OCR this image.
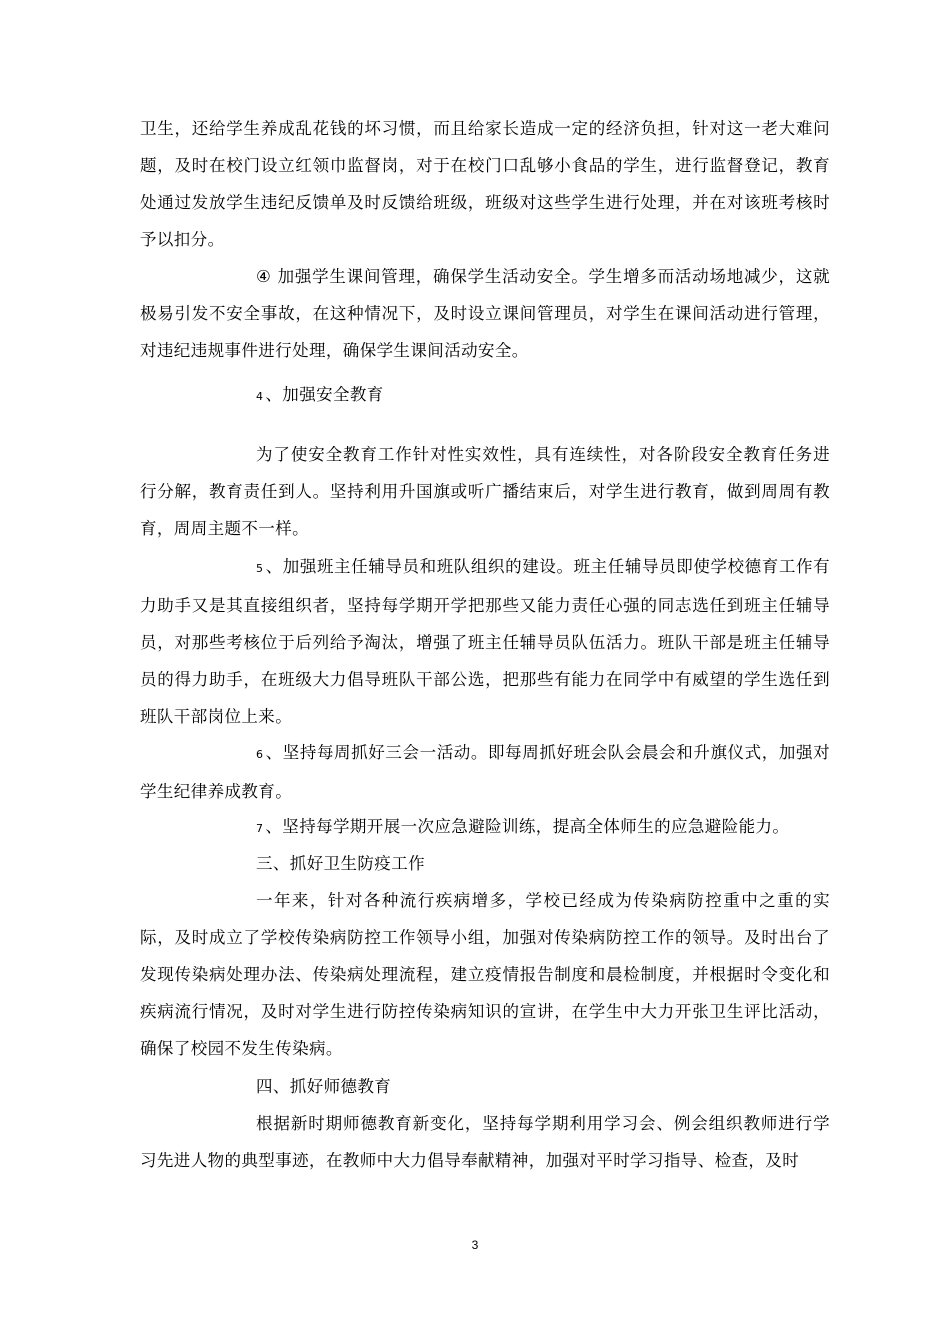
卫生，还给学生养成乱花钱的坏习惯，而且给家长造成一定的经济负担，针对这一老大难问题，及时在校门设立红领巾监督岗，对于在校门口乱够小食品的学生，进行监督登记，教育处通过发放学生违纪反馈单及时反馈给班级，班级对这些学生进行处理，并在对该班考核时予以扣分。

④ 加强学生课间管理，确保学生活动安全。学生增多而活动场地减少，这就极易引发不安全事故，在这种情况下，及时设立课间管理员，对学生在课间活动进行管理，对违纪违规事件进行处理，确保学生课间活动安全。

4 、加强安全教育

为了使安全教育工作针对性实效性，具有连续性，对各阶段安全教育任务进行分解，教育责任到人。坚持利用升国旗或听广播结束后，对学生进行教育，做到周周有教育，周周主题不一样。

5 、加强班主任辅导员和班队组织的建设。班主任辅导员即使学校德育工作有力助手又是其直接组织者，坚持每学期开学把那些又能力责任心强的同志选任到班主任辅导员，对那些考核位于后列给予淘汰，增强了班主任辅导员队伍活力。班队干部是班主任辅导员的得力助手，在班级大力倡导班队干部公选，把那些有能力在同学中有威望的学生选任到班队干部岗位上来。

6 、坚持每周抓好三会一活动。即每周抓好班会队会晨会和升旗仪式，加强对学生纪律养成教育。

7 、坚持每学期开展一次应急避险训练，提高全体师生的应急避险能力。

三、抓好卫生防疫工作

一年来，针对各种流行疾病增多，学校已经成为传染病防控重中之重的实际，及时成立了学校传染病防控工作领导小组，加强对传染病防控工作的领导。及时出台了发现传染病处理办法、传染病处理流程，建立疫情报告制度和晨检制度，并根据时令变化和疾病流行情况，及时对学生进行防控传染病知识的宣讲，在学生中大力开张卫生评比活动，确保了校园不发生传染病。

四、抓好师德教育

根据新时期师德教育新变化，坚持每学期利用学习会、例会组织教师进行学习先进人物的典型事迹，在教师中大力倡导奉献精神，加强对平时学习指导、检查，及时

3
